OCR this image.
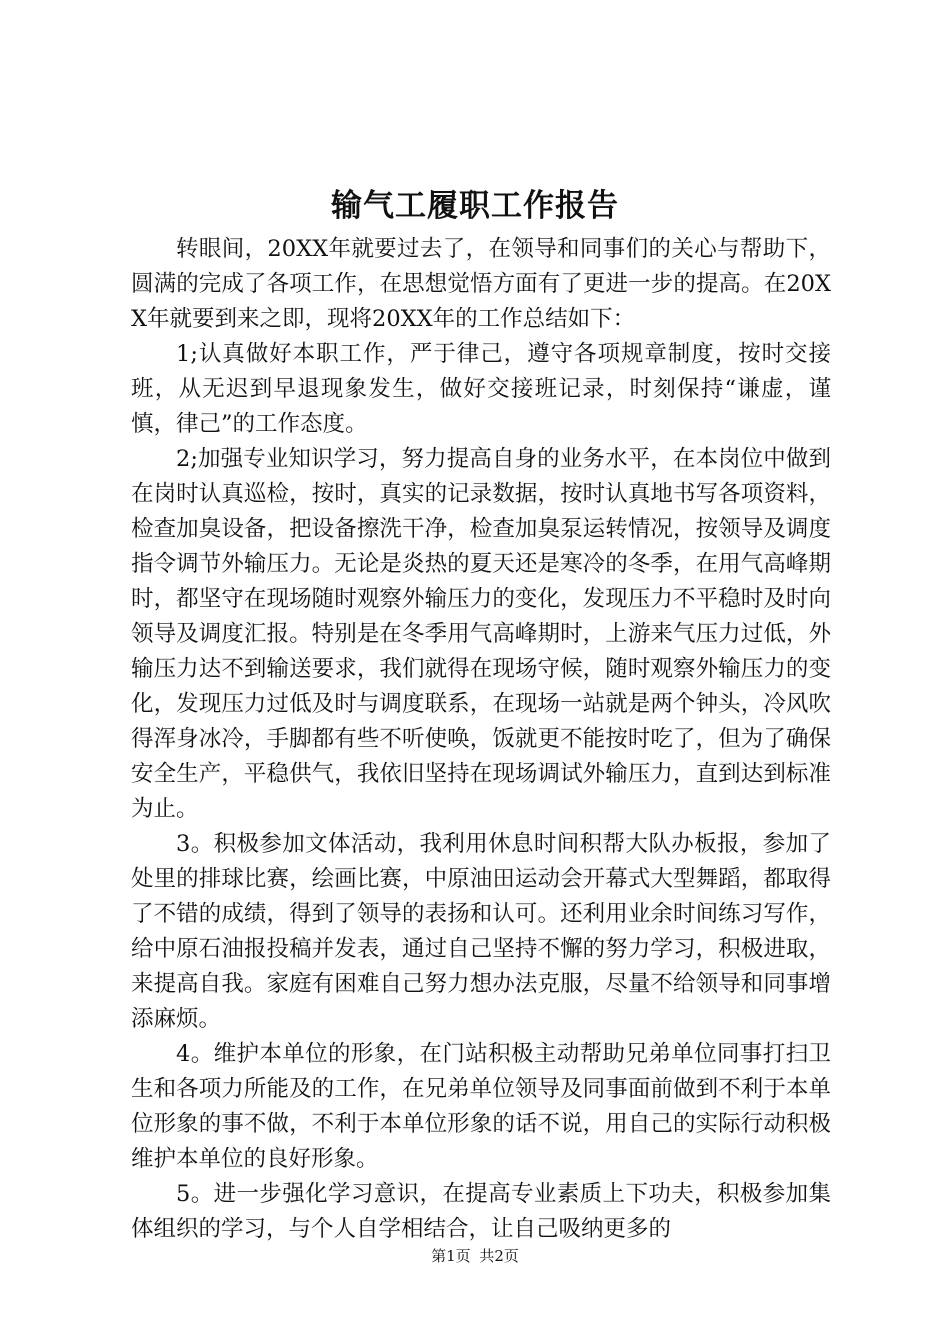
输气工履职工作报告

转眼间，20XX年就要过去了，在领导和同事们的关心与帮助下，圆满的完成了各项工作，在思想觉悟方面有了更进一步的提高。在20XX年就要到来之即，现将20XX年的工作总结如下：

1;认真做好本职工作，严于律己，遵守各项规章制度，按时交接班，从无迟到早退现象发生，做好交接班记录，时刻保持“谦虚，谨慎，律己”的工作态度。

2;加强专业知识学习，努力提高自身的业务水平，在本岗位中做到在岗时认真巡检，按时，真实的记录数据，按时认真地书写各项资料，检查加臭设备，把设备擦洗干净，检查加臭泵运转情况，按领导及调度指令调节外输压力。无论是炎热的夏天还是寒冷的冬季，在用气高峰期时，都坚守在现场随时观察外输压力的变化，发现压力不平稳时及时向领导及调度汇报。特别是在冬季用气高峰期时，上游来气压力过低，外输压力达不到输送要求，我们就得在现场守候，随时观察外输压力的变化，发现压力过低及时与调度联系，在现场一站就是两个钟头，冷风吹得浑身冰冷，手脚都有些不听使唤，饭就更不能按时吃了，但为了确保安全生产，平稳供气，我依旧坚持在现场调试外输压力，直到达到标准为止。

3。积极参加文体活动，我利用休息时间积帮大队办板报，参加了处里的排球比赛，绘画比赛，中原油田运动会开幕式大型舞蹈，都取得了不错的成绩，得到了领导的表扬和认可。还利用业余时间练习写作，给中原石油报投稿并发表，通过自己坚持不懈的努力学习，积极进取，来提高自我。家庭有困难自己努力想办法克服，尽量不给领导和同事增添麻烦。

4。维护本单位的形象，在门站积极主动帮助兄弟单位同事打扫卫生和各项力所能及的工作，在兄弟单位领导及同事面前做到不利于本单位形象的事不做，不利于本单位形象的话不说，用自己的实际行动积极维护本单位的良好形象。

5。进一步强化学习意识，在提高专业素质上下功夫，积极参加集体组织的学习，与个人自学相结合，让自己吸纳更多的

第1页 共2页
